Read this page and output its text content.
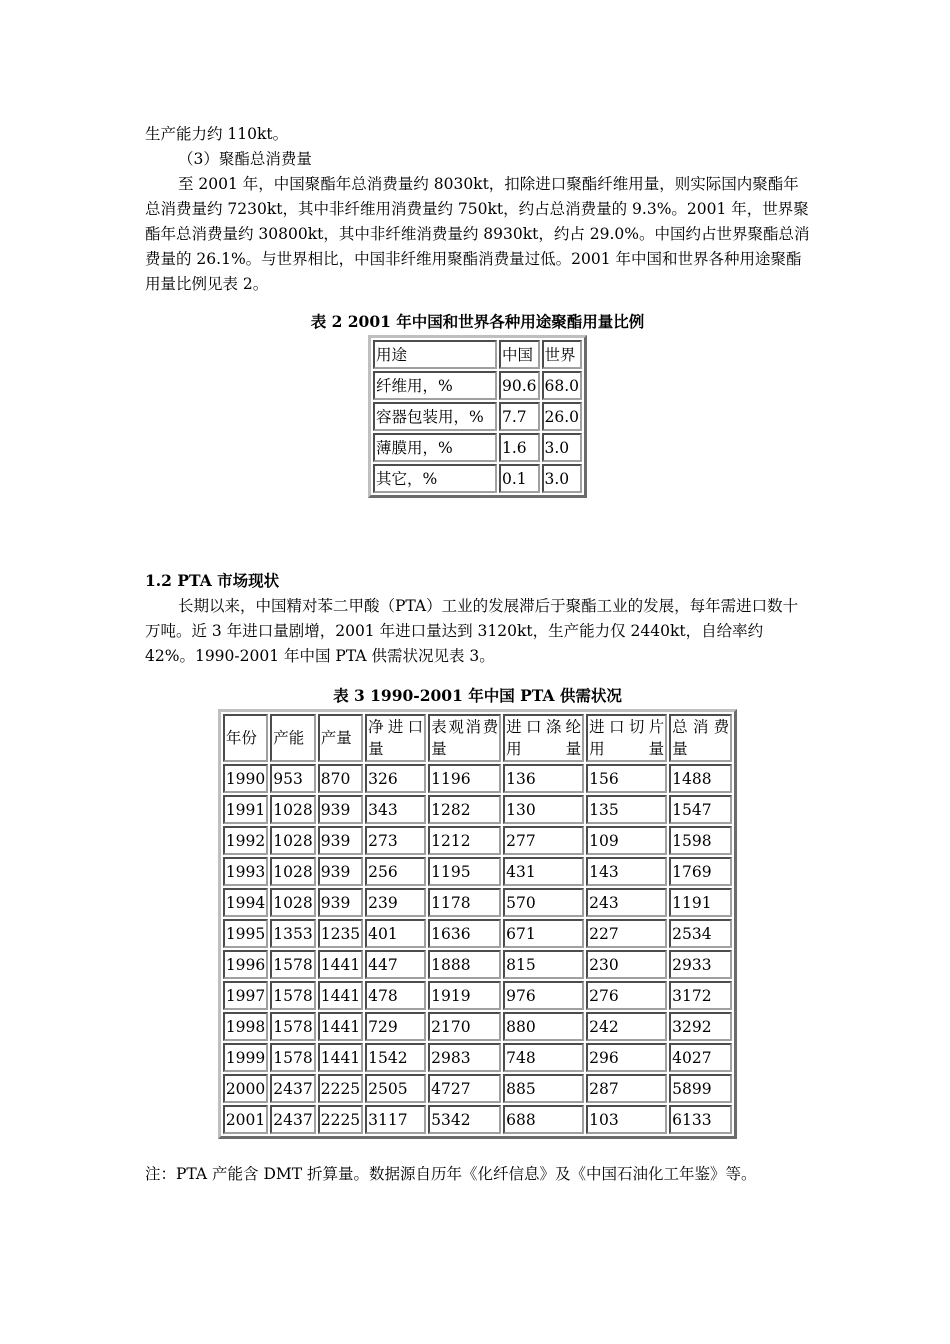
生产能力约 110kt。

（3）聚酯总消费量

至 2001 年，中国聚酯年总消费量约 8030kt，扣除进口聚酯纤维用量，则实际国内聚酯年总消费量约 7230kt，其中非纤维用消费量约 750kt，约占总消费量的 9.3%。2001 年，世界聚酯年总消费量约 30800kt，其中非纤维消费量约 8930kt，约占 29.0%。中国约占世界聚酯总消费量的 26.1%。与世界相比，中国非纤维用聚酯消费量过低。2001 年中国和世界各种用途聚酯用量比例见表 2。

表 2 2001 年中国和世界各种用途聚酯用量比例
用途	中国	世界
纤维用，%	90.6	68.0
容器包装用，%	7.7	26.0
薄膜用，%	1.6	3.0
其它，%	0.1	3.0

1.2 PTA 市场现状

长期以来，中国精对苯二甲酸（PTA）工业的发展滞后于聚酯工业的发展，每年需进口数十万吨。近 3 年进口量剧增，2001 年进口量达到 3120kt，生产能力仅 2440kt，自给率约 42%。1990-2001 年中国 PTA 供需状况见表 3。

表 3 1990-2001 年中国 PTA 供需状况
年份	产能	产量	净进口量	表观消费量	进口涤纶用量	进口切片用量	总消费量
1990	953	870	326	1196	136	156	1488
1991	1028	939	343	1282	130	135	1547
1992	1028	939	273	1212	277	109	1598
1993	1028	939	256	1195	431	143	1769
1994	1028	939	239	1178	570	243	1191
1995	1353	1235	401	1636	671	227	2534
1996	1578	1441	447	1888	815	230	2933
1997	1578	1441	478	1919	976	276	3172
1998	1578	1441	729	2170	880	242	3292
1999	1578	1441	1542	2983	748	296	4027
2000	2437	2225	2505	4727	885	287	5899
2001	2437	2225	3117	5342	688	103	6133

注：PTA 产能含 DMT 折算量。数据源自历年《化纤信息》及《中国石油化工年鉴》等。
